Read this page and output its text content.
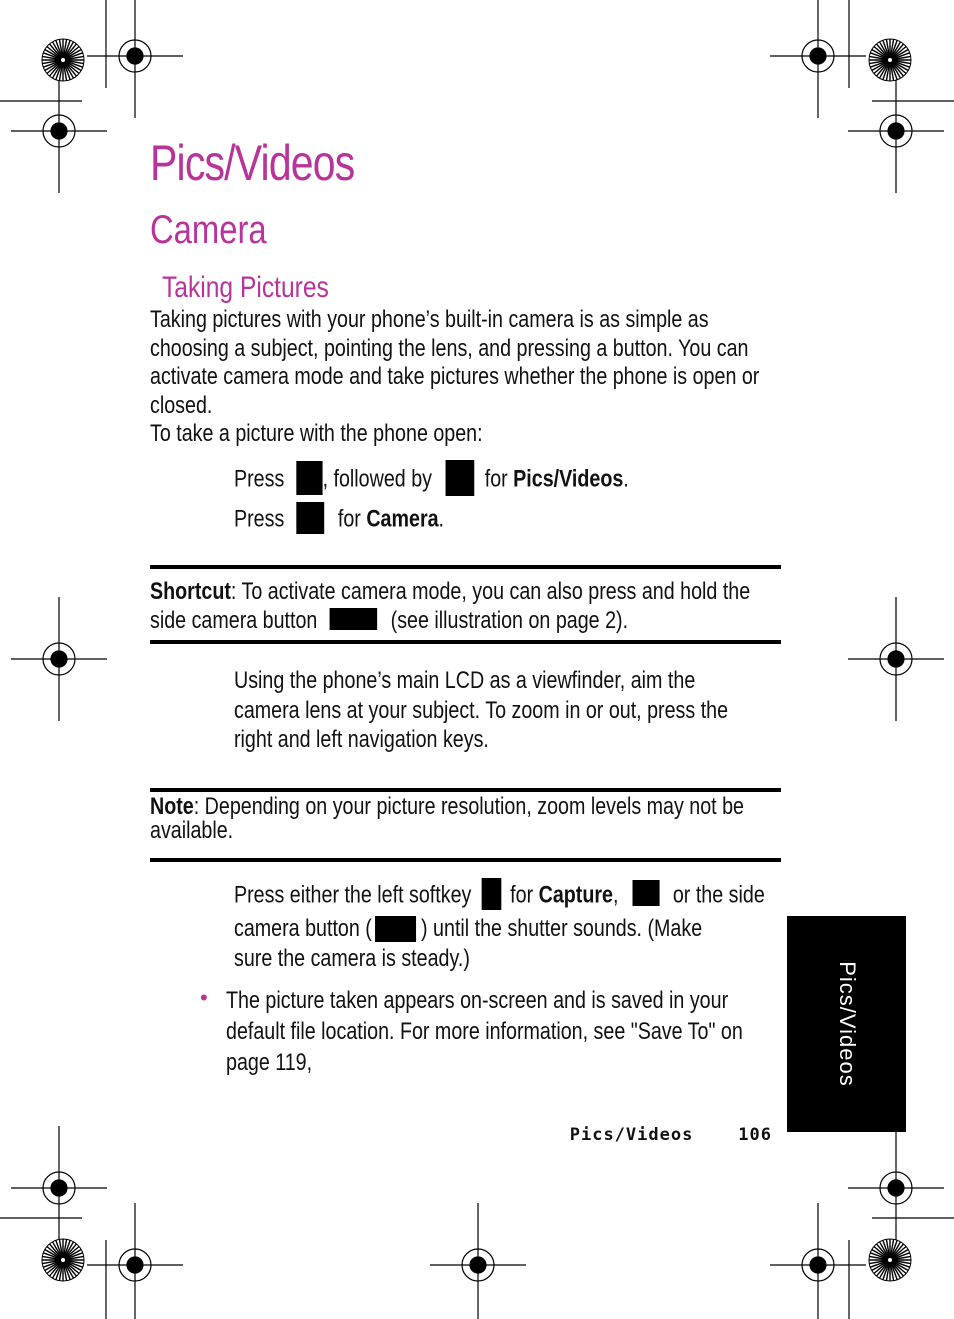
Pics/Videos
Camera
Taking Pictures
Taking pictures with your phone’s built-in camera is as simple as
choosing a subject, pointing the lens, and pressing a button. You can
activate camera mode and take pictures whether the phone is open or
closed.
To take a picture with the phone open:
Press , followed by for Pics/Videos.
Press for Camera.
Shortcut: To activate camera mode, you can also press and hold the
side camera button	(see illustration on page 2).
Using the phone’s main LCD as a viewfinder, aim the
camera lens at your subject. To zoom in or out, press the
right and left navigation keys.
Note: Depending on your picture resolution, zoom levels may not be
available.
Press either the left softkey for Capture, or the side
camera button ( ) until the shutter sounds. (Make
sure the camera is steady.)
• The picture taken appears on-screen and is saved in your
default file location. For more information, see "Save To" on
page 119,	Pics/Videos
Pics/Videos	106
